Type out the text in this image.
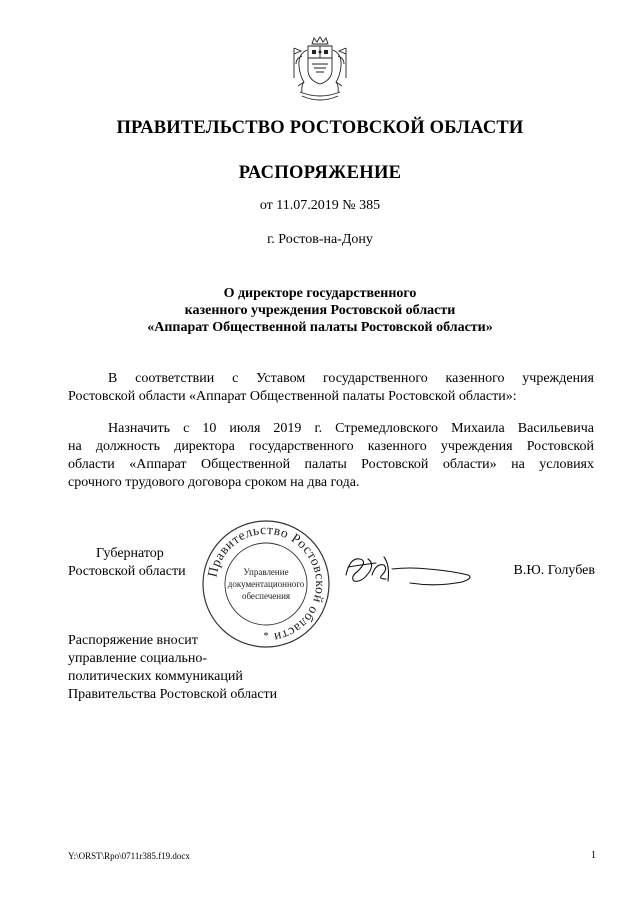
ПРАВИТЕЛЬСТВО РОСТОВСКОЙ ОБЛАСТИ
РАСПОРЯЖЕНИЕ
от 11.07.2019 № 385
г. Ростов-на-Дону
О директоре государственного
казенного учреждения Ростовской области
«Аппарат Общественной палаты Ростовской области»
В соответствии с Уставом государственного казенного учреждения
Ростовской области «Аппарат Общественной палаты Ростовской области»:
Назначить с 10 июля 2019 г. Стремедловского Михаила Васильевича
на должность директора государственного казенного учреждения Ростовской
области «Аппарат Общественной палаты Ростовской области» на условиях
срочного трудового договора сроком на два года.
Губернатор
Ростовской области Правительство Ростовской области
Управление
документационного
обеспечения
*
В.Ю. Голубев
Распоряжение вносит
управление социально-
политических коммуникаций
Правительства Ростовской области
Y:\ORST\Rpo\0711r385.f19.docx	1
